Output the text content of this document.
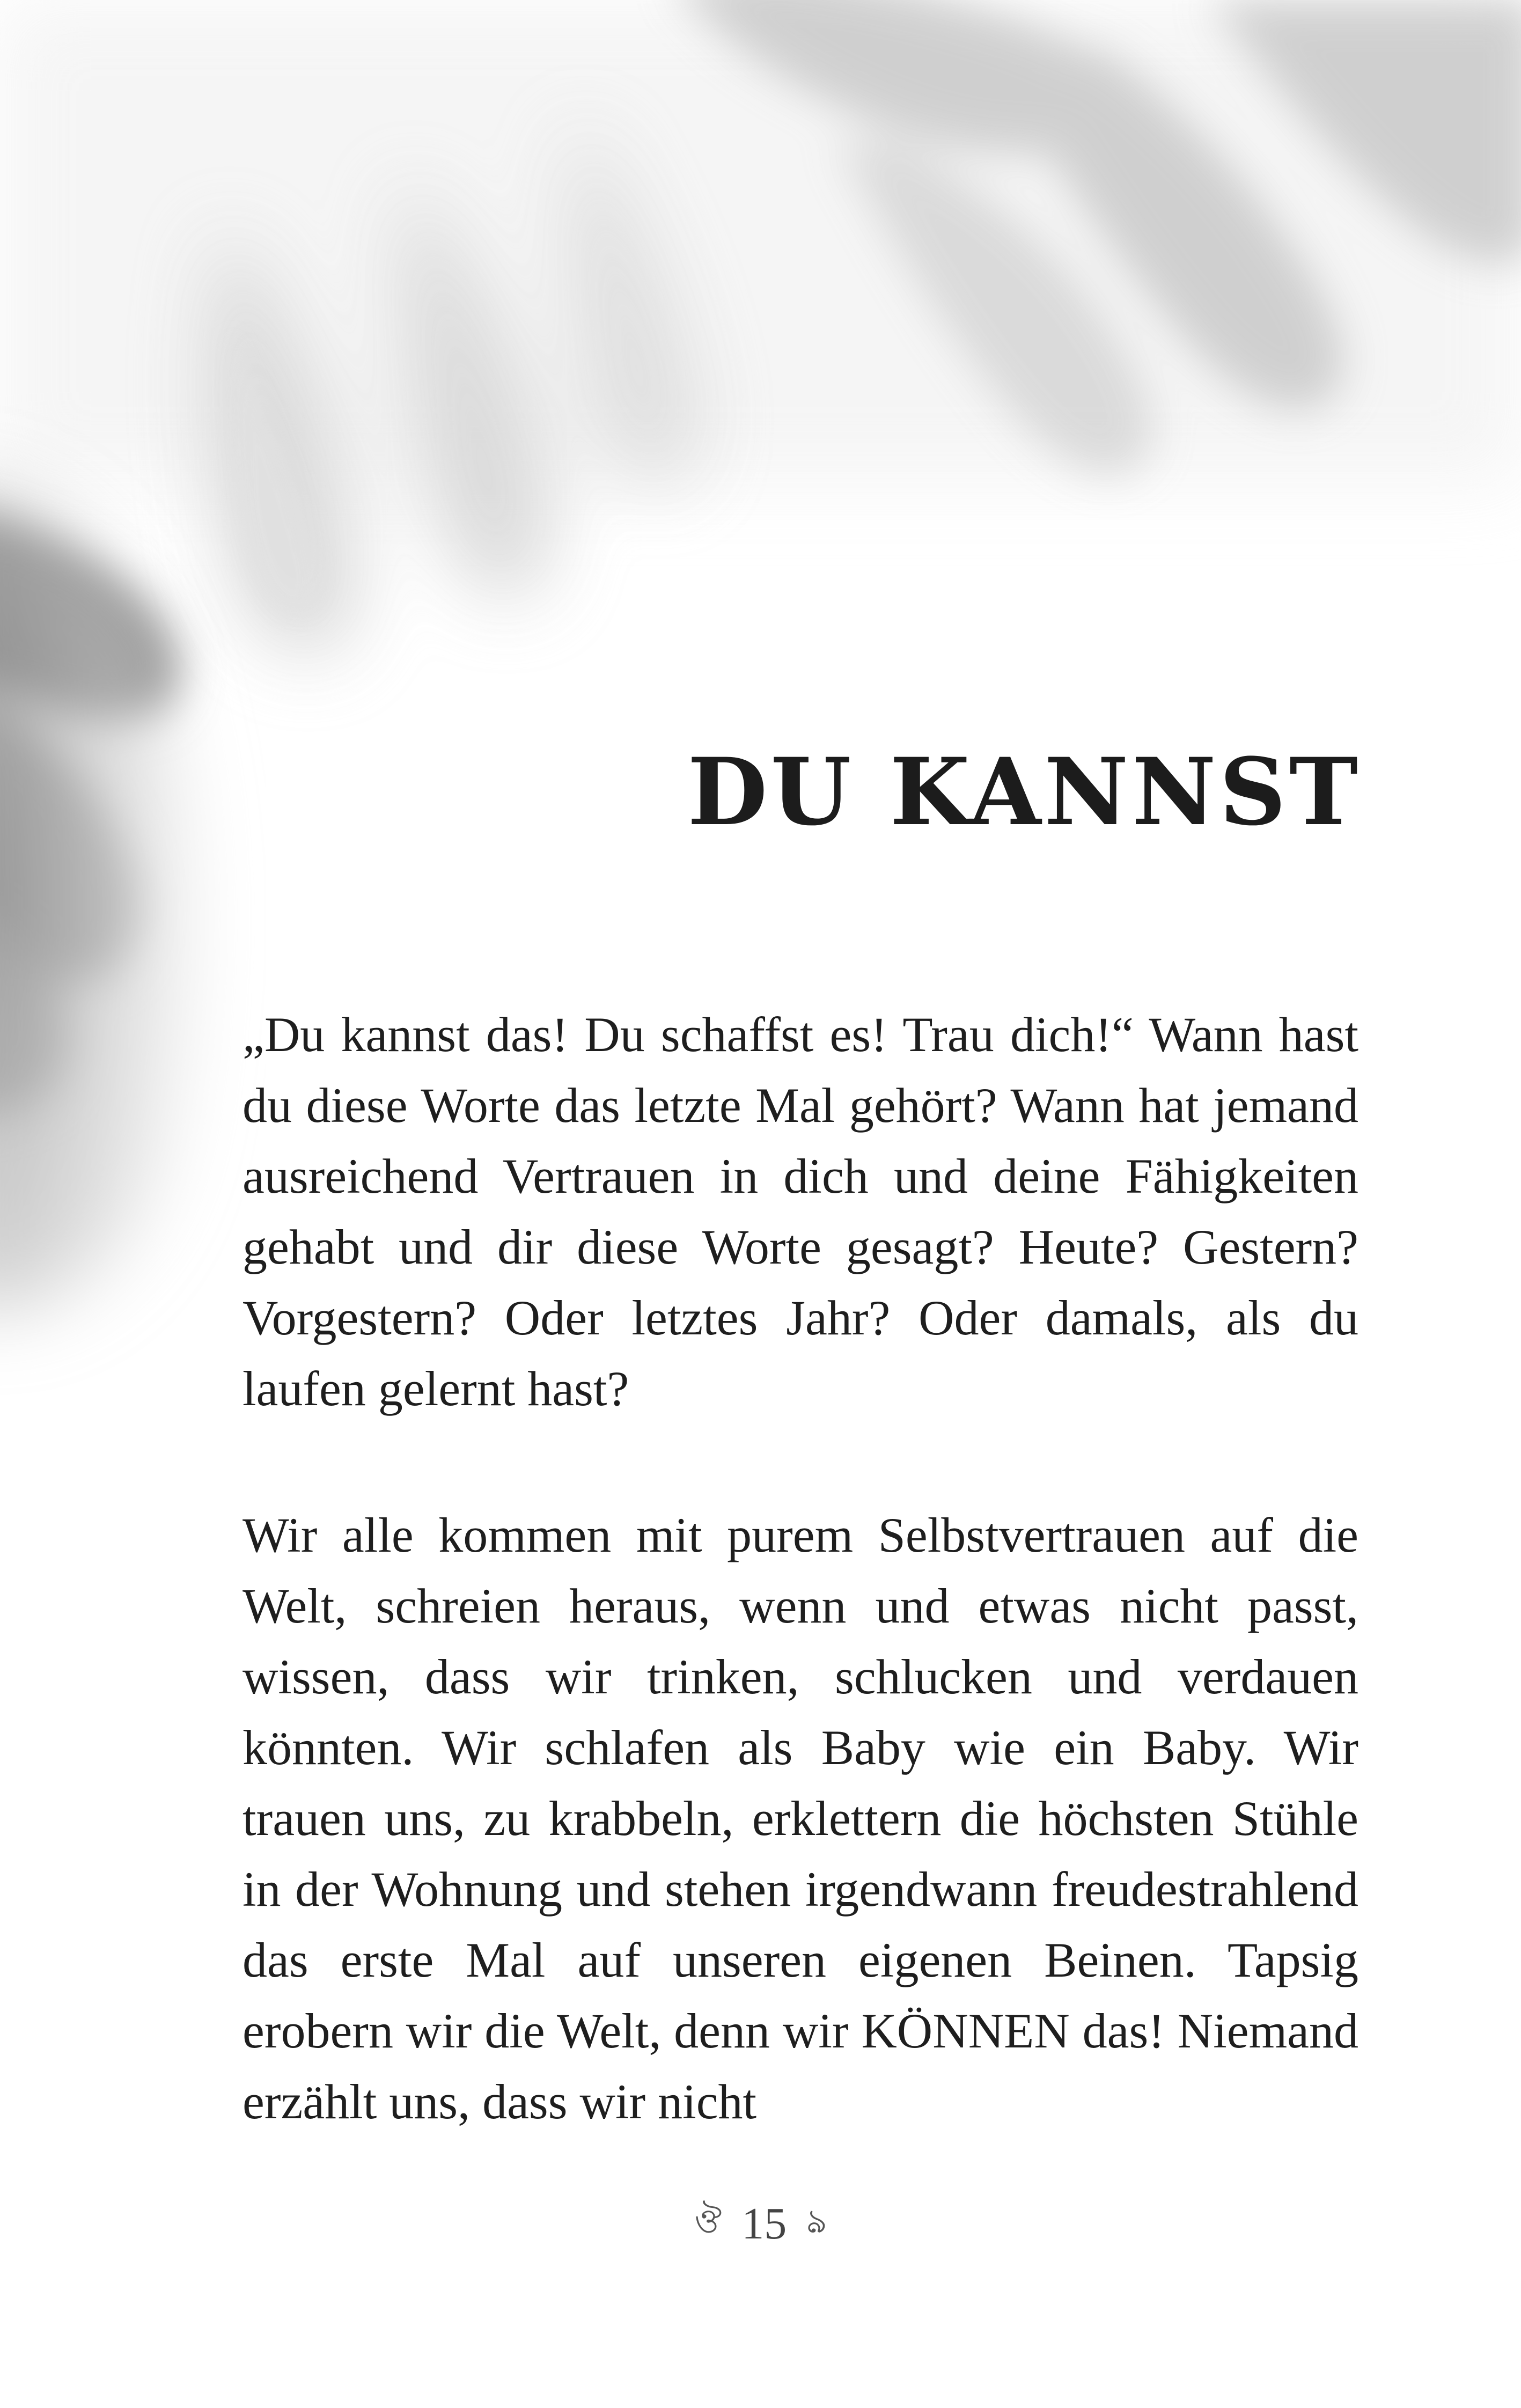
DU KANNST

„Du kannst das! Du schaffst es! Trau dich!“ Wann hast du diese Worte das letzte Mal gehört? Wann hat jemand ausreichend Vertrauen in dich und deine Fähigkeiten gehabt und dir diese Worte gesagt? Heute? Gestern? Vorgestern? Oder letztes Jahr? Oder damals, als du laufen gelernt hast?

Wir alle kommen mit purem Selbstvertrauen auf die Welt, schreien heraus, wenn und etwas nicht passt, wissen, dass wir trinken, schlucken und verdauen könnten. Wir schlafen als Baby wie ein Baby. Wir trauen uns, zu krabbeln, erklettern die höchsten Stühle in der Wohnung und stehen irgendwann freudestrahlend das erste Mal auf unseren eigenen Beinen. Tapsig erobern wir die Welt, denn wir KÖNNEN das! Niemand erzählt uns, dass wir nicht

ঔ 15 ঌ
